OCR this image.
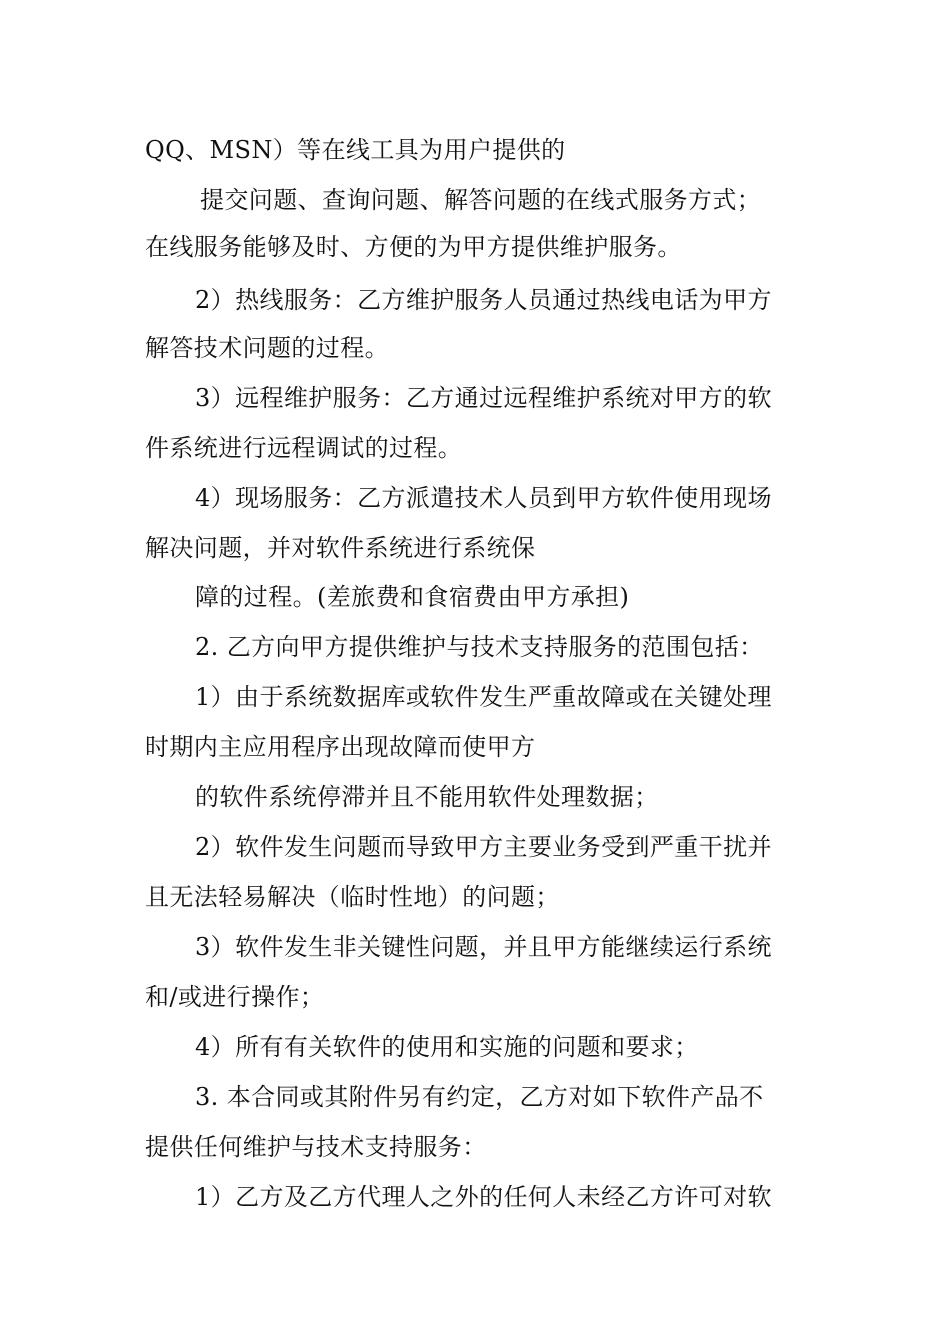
QQ、MSN）等在线工具为用户提供的
提交问题、查询问题、解答问题的在线式服务方式；
在线服务能够及时、方便的为甲方提供维护服务。
2）热线服务：乙方维护服务人员通过热线电话为甲方
解答技术问题的过程。
3）远程维护服务：乙方通过远程维护系统对甲方的软
件系统进行远程调试的过程。
4）现场服务：乙方派遣技术人员到甲方软件使用现场
解决问题，并对软件系统进行系统保
障的过程。(差旅费和食宿费由甲方承担)
2. 乙方向甲方提供维护与技术支持服务的范围包括：
1）由于系统数据库或软件发生严重故障或在关键处理
时期内主应用程序出现故障而使甲方
的软件系统停滞并且不能用软件处理数据；
2）软件发生问题而导致甲方主要业务受到严重干扰并
且无法轻易解决（临时性地）的问题；
3）软件发生非关键性问题，并且甲方能继续运行系统
和/或进行操作；
4）所有有关软件的使用和实施的问题和要求；
3. 本合同或其附件另有约定，乙方对如下软件产品不
提供任何维护与技术支持服务：
1）乙方及乙方代理人之外的任何人未经乙方许可对软
